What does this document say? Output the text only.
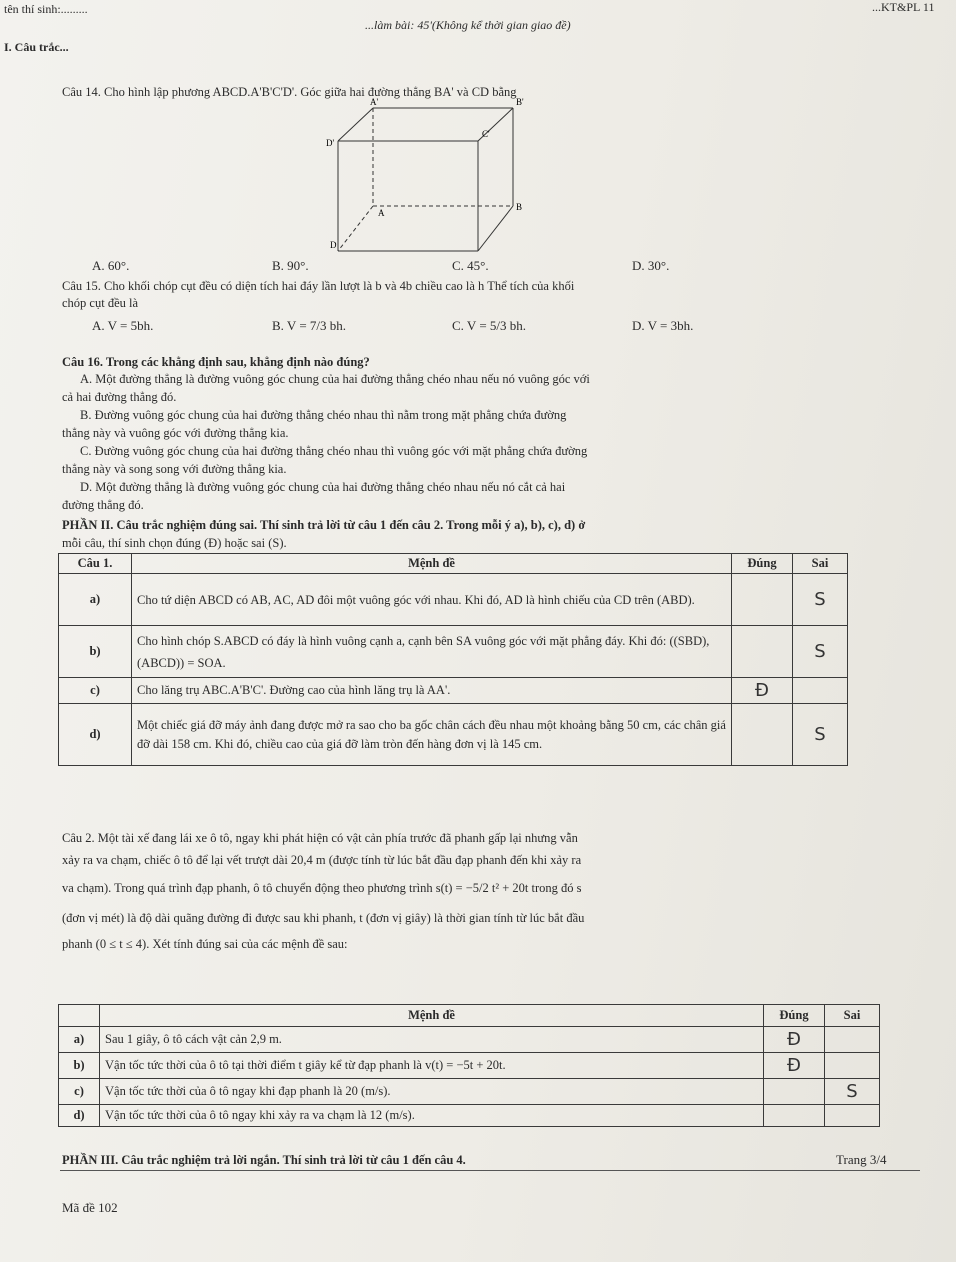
tên thí sinh:.........	...KT&PL 11
...làm bài: 45'(Không kể thời gian giao đề)
I. Câu trắc...
Câu 14. Cho hình lập phương ABCD.A'B'C'D'. Góc giữa hai đường thẳng BA' và CD bằng
A'	B'
C'
D'
A
B
D
A. 60°.	B. 90°.	C. 45°.	D. 30°.
Câu 15. Cho khối chóp cụt đều có diện tích hai đáy lần lượt là b và 4b chiều cao là h Thể tích của khối
chóp cụt đều là
A. V = 5bh.	B. V = 7/3 bh.	C. V = 5/3 bh.	D. V = 3bh.
Câu 16. Trong các khẳng định sau, khẳng định nào đúng?
A. Một đường thẳng là đường vuông góc chung của hai đường thẳng chéo nhau nếu nó vuông góc với
cả hai đường thẳng đó.
B. Đường vuông góc chung của hai đường thẳng chéo nhau thì nằm trong mặt phẳng chứa đường
thẳng này và vuông góc với đường thẳng kia.
C. Đường vuông góc chung của hai đường thẳng chéo nhau thì vuông góc với mặt phẳng chứa đường
thẳng này và song song với đường thẳng kia.
D. Một đường thẳng là đường vuông góc chung của hai đường thẳng chéo nhau nếu nó cắt cả hai
đường thẳng đó.
PHẦN II. Câu trắc nghiệm đúng sai. Thí sinh trả lời từ câu 1 đến câu 2. Trong mỗi ý a), b), c), d) ở
mỗi câu, thí sinh chọn đúng (Đ) hoặc sai (S).
Câu 1.	Mệnh đề	Đúng	Sai
a)	Cho tứ diện ABCD có AB, AC, AD đôi một vuông góc với nhau. Khi đó, AD là hình chiếu của CD trên (ABD).		S
b)	Cho hình chóp S.ABCD có đáy là hình vuông cạnh a, cạnh bên SA vuông góc với mặt phẳng đáy. Khi đó: ((SBD),(ABCD)) = SOA.		S
c)	Cho lăng trụ ABC.A'B'C'. Đường cao của hình lăng trụ là AA'.	Đ	
d)	Một chiếc giá đỡ máy ảnh đang được mở ra sao cho ba gốc chân cách đều nhau một khoảng bằng 50 cm, các chân giá đỡ dài 158 cm. Khi đó, chiều cao của giá đỡ làm tròn đến hàng đơn vị là 145 cm.		S
Câu 2. Một tài xế đang lái xe ô tô, ngay khi phát hiện có vật cản phía trước đã phanh gấp lại nhưng vẫn
xảy ra va chạm, chiếc ô tô để lại vết trượt dài 20,4 m (được tính từ lúc bắt đầu đạp phanh đến khi xảy ra
va chạm). Trong quá trình đạp phanh, ô tô chuyển động theo phương trình s(t) = −5/2 t² + 20t trong đó s
(đơn vị mét) là độ dài quãng đường đi được sau khi phanh, t (đơn vị giây) là thời gian tính từ lúc bắt đầu
phanh (0 ≤ t ≤ 4). Xét tính đúng sai của các mệnh đề sau:
	Mệnh đề	Đúng	Sai
a)	Sau 1 giây, ô tô cách vật cản 2,9 m.	Đ	
b)	Vận tốc tức thời của ô tô tại thời điểm t giây kể từ đạp phanh là v(t) = −5t + 20t.	Đ	
c)	Vận tốc tức thời của ô tô ngay khi đạp phanh là 20 (m/s).		S
d)	Vận tốc tức thời của ô tô ngay khi xảy ra va chạm là 12 (m/s).		
PHẦN III. Câu trắc nghiệm trả lời ngắn. Thí sinh trả lời từ câu 1 đến câu 4.	Trang 3/4
Mã đề 102
